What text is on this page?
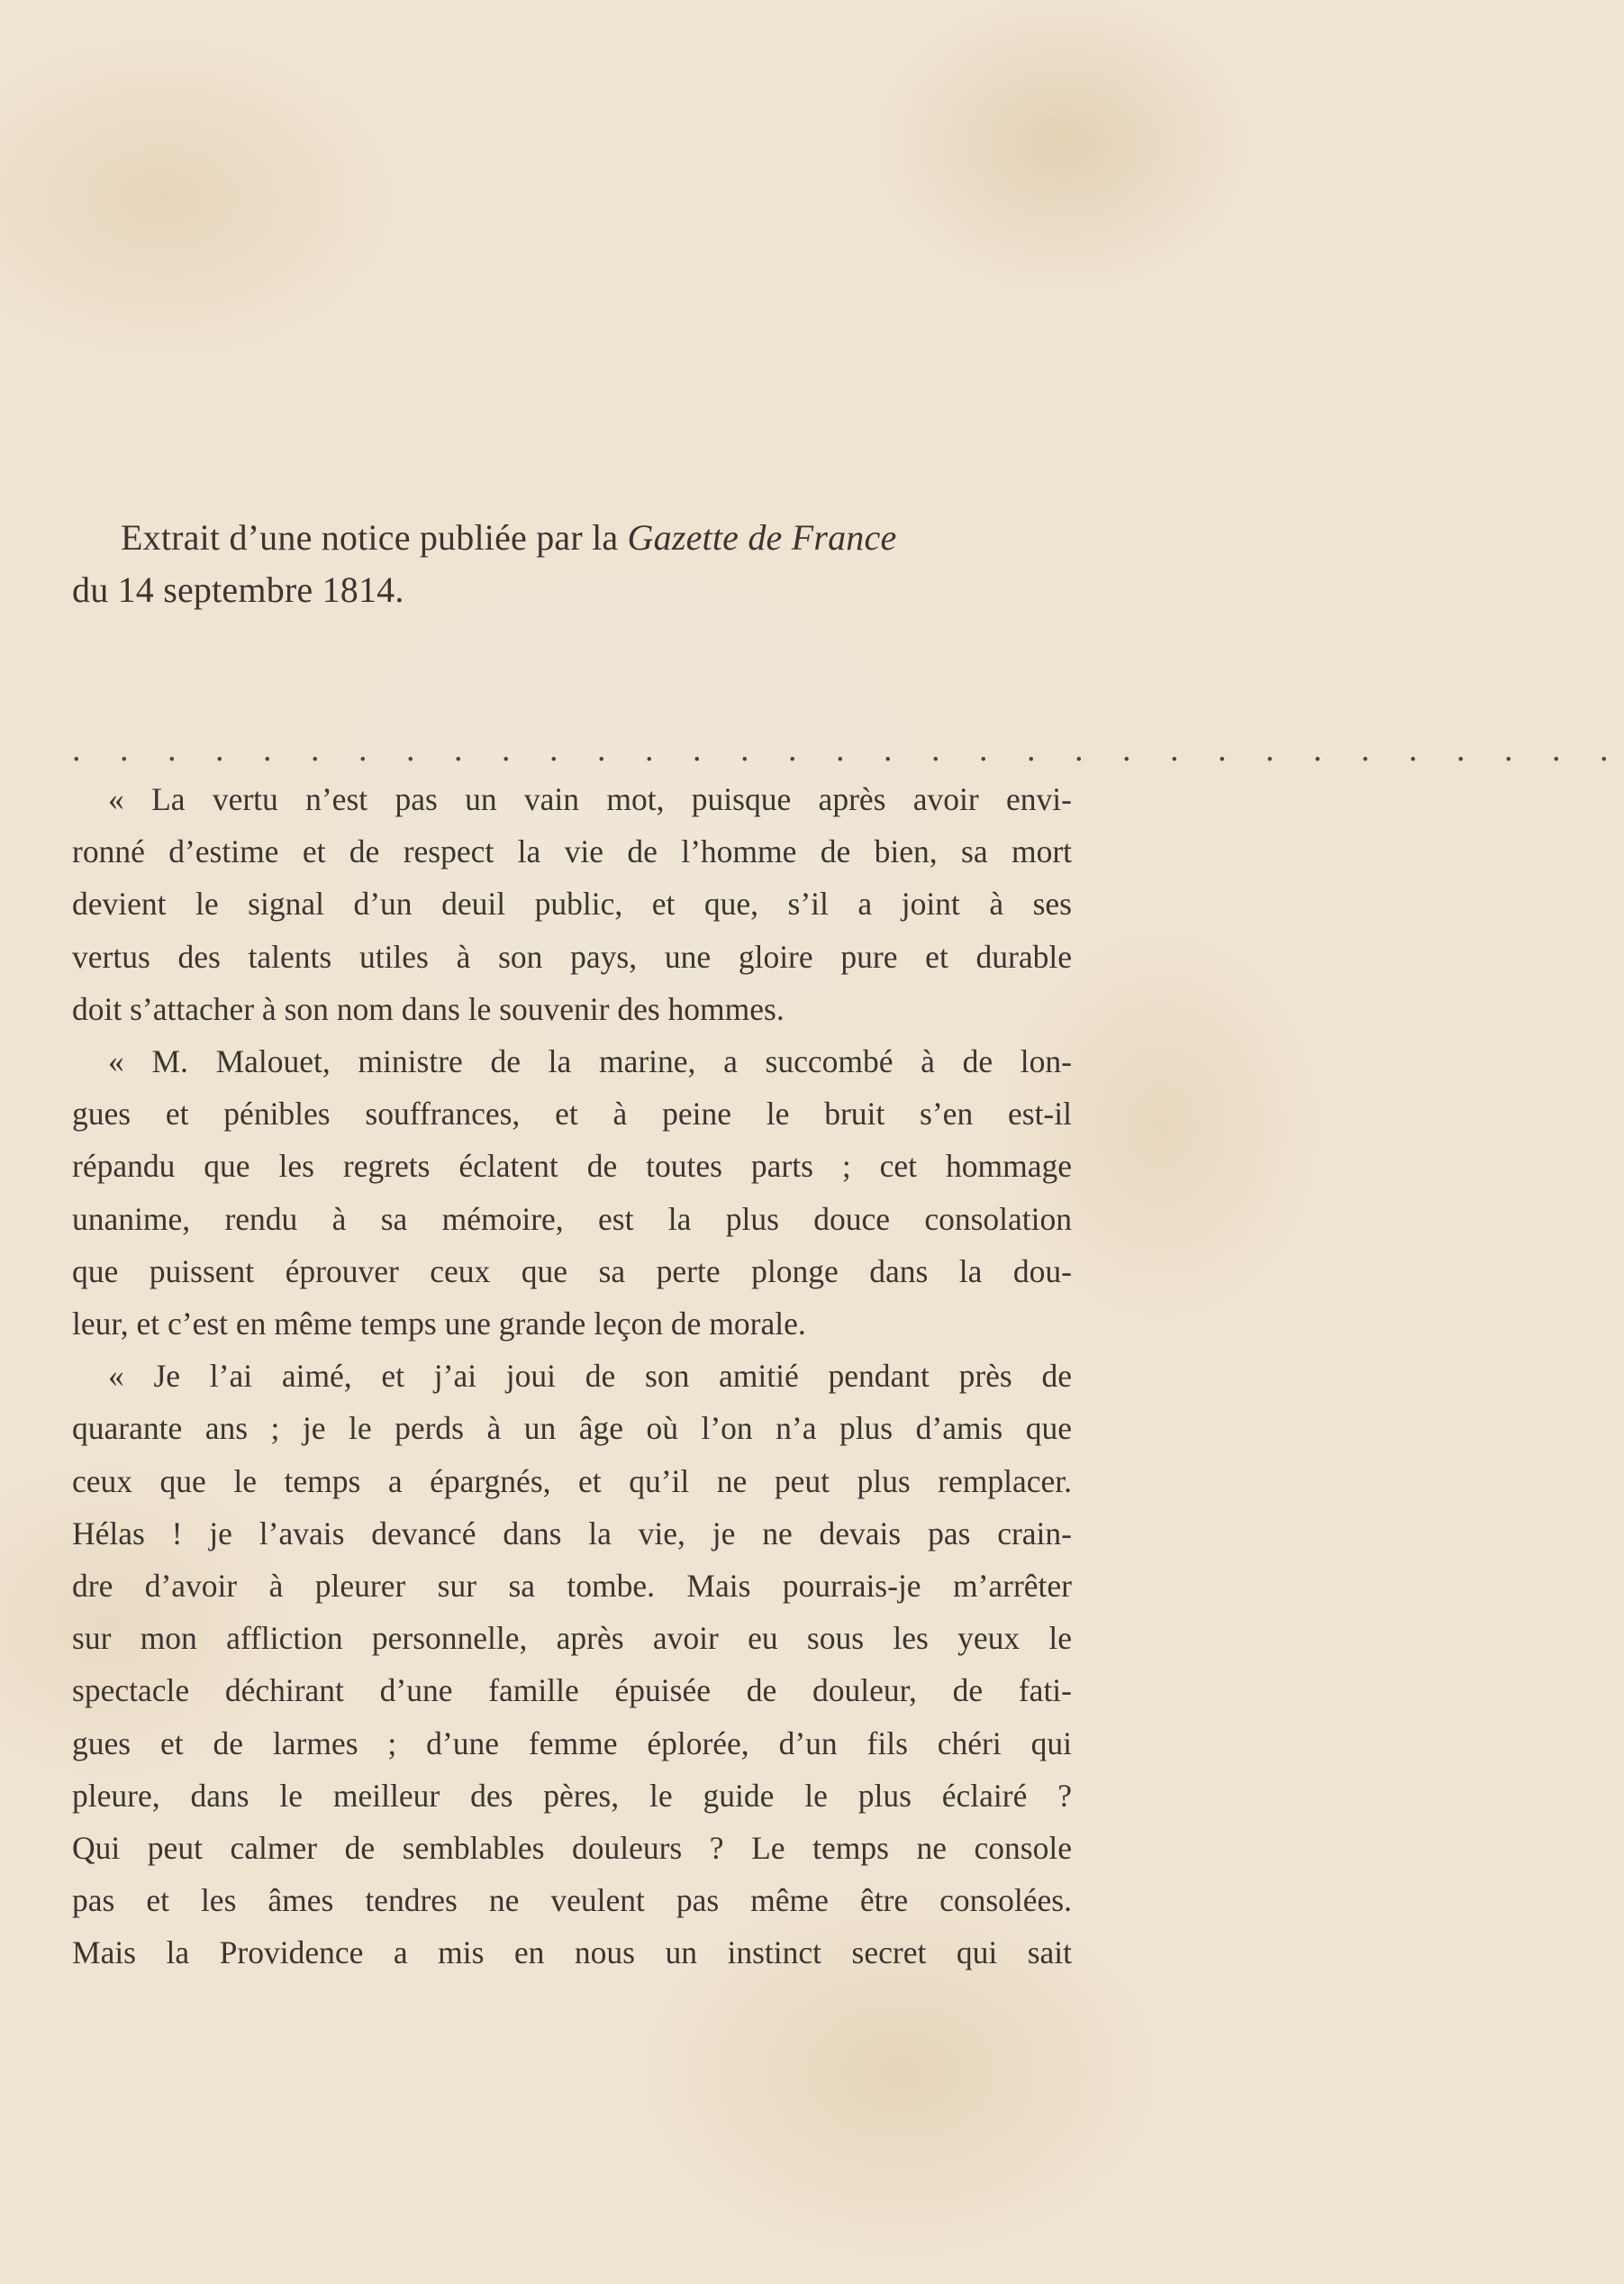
Extrait d’une notice publiée par la Gazette de France
du 14 septembre 1814.
. . . . . . . . . . . . . . . . . . . . . . . . . . . . . . . . .
« La vertu n’est pas un vain mot, puisque après avoir envi-
ronné d’estime et de respect la vie de l’homme de bien, sa mort
devient le signal d’un deuil public, et que, s’il a joint à ses
vertus des talents utiles à son pays, une gloire pure et durable
doit s’attacher à son nom dans le souvenir des hommes.
« M. Malouet, ministre de la marine, a succombé à de lon-
gues et pénibles souffrances, et à peine le bruit s’en est-il
répandu que les regrets éclatent de toutes parts ; cet hommage
unanime, rendu à sa mémoire, est la plus douce consolation
que puissent éprouver ceux que sa perte plonge dans la dou-
leur, et c’est en même temps une grande leçon de morale.
« Je l’ai aimé, et j’ai joui de son amitié pendant près de
quarante ans ; je le perds à un âge où l’on n’a plus d’amis que
ceux que le temps a épargnés, et qu’il ne peut plus remplacer.
Hélas ! je l’avais devancé dans la vie, je ne devais pas crain-
dre d’avoir à pleurer sur sa tombe. Mais pourrais-je m’arrêter
sur mon affliction personnelle, après avoir eu sous les yeux le
spectacle déchirant d’une famille épuisée de douleur, de fati-
gues et de larmes ; d’une femme éplorée, d’un fils chéri qui
pleure, dans le meilleur des pères, le guide le plus éclairé ?
Qui peut calmer de semblables douleurs ? Le temps ne console
pas et les âmes tendres ne veulent pas même être consolées.
Mais la Providence a mis en nous un instinct secret qui sait
